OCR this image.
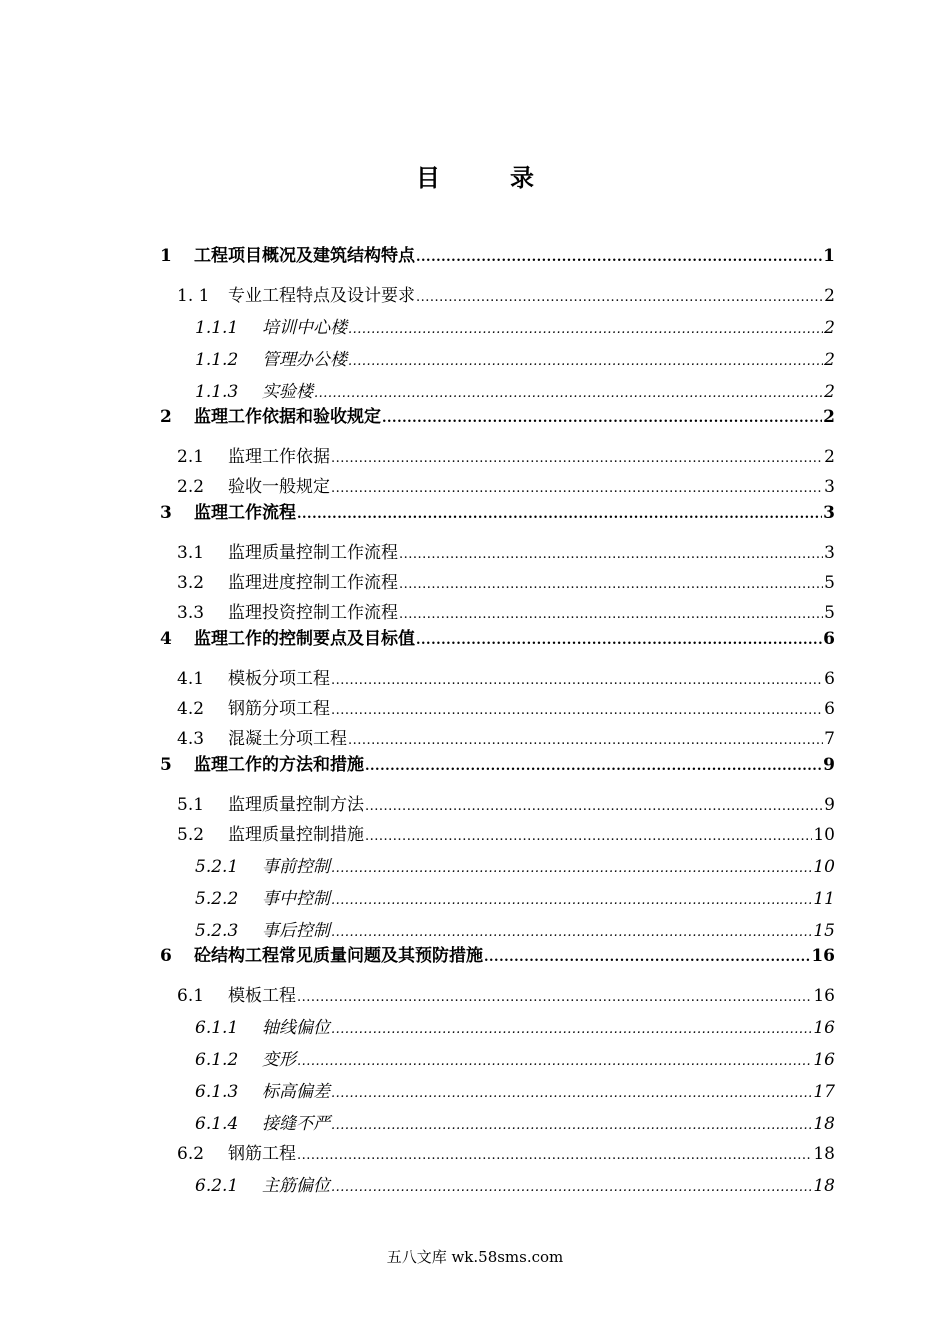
目	录
1	工程项目概况及建筑结构特点 .....	1
1. 1	专业工程特点及设计要求 .....	2
1.1.1	培训中心楼 .....	2
1.1.2	管理办公楼 .....	2
1.1.3	实验楼 .....	2
2	监理工作依据和验收规定 .....	2
2.1	监理工作依据 .....	2
2.2	验收一般规定 .....	3
3	监理工作流程 .....	3
3.1	监理质量控制工作流程 .....	3
3.2	监理进度控制工作流程 .....	5
3.3	监理投资控制工作流程 .....	5
4	监理工作的控制要点及目标值 .....	6
4.1	模板分项工程 .....	6
4.2	钢筋分项工程 .....	6
4.3	混凝土分项工程 .....	7
5	监理工作的方法和措施 .....	9
5.1	监理质量控制方法 .....	9
5.2	监理质量控制措施 .....	10
5.2.1	事前控制 .....	10
5.2.2	事中控制 .....	11
5.2.3	事后控制 .....	15
6	砼结构工程常见质量问题及其预防措施 .....	16
6.1	模板工程 .....	16
6.1.1	轴线偏位 .....	16
6.1.2	变形 .....	16
6.1.3	标高偏差 .....	17
6.1.4	接缝不严 .....	18
6.2	钢筋工程 .....	18
6.2.1	主筋偏位 .....	18
五八文库 wk.58sms.com
